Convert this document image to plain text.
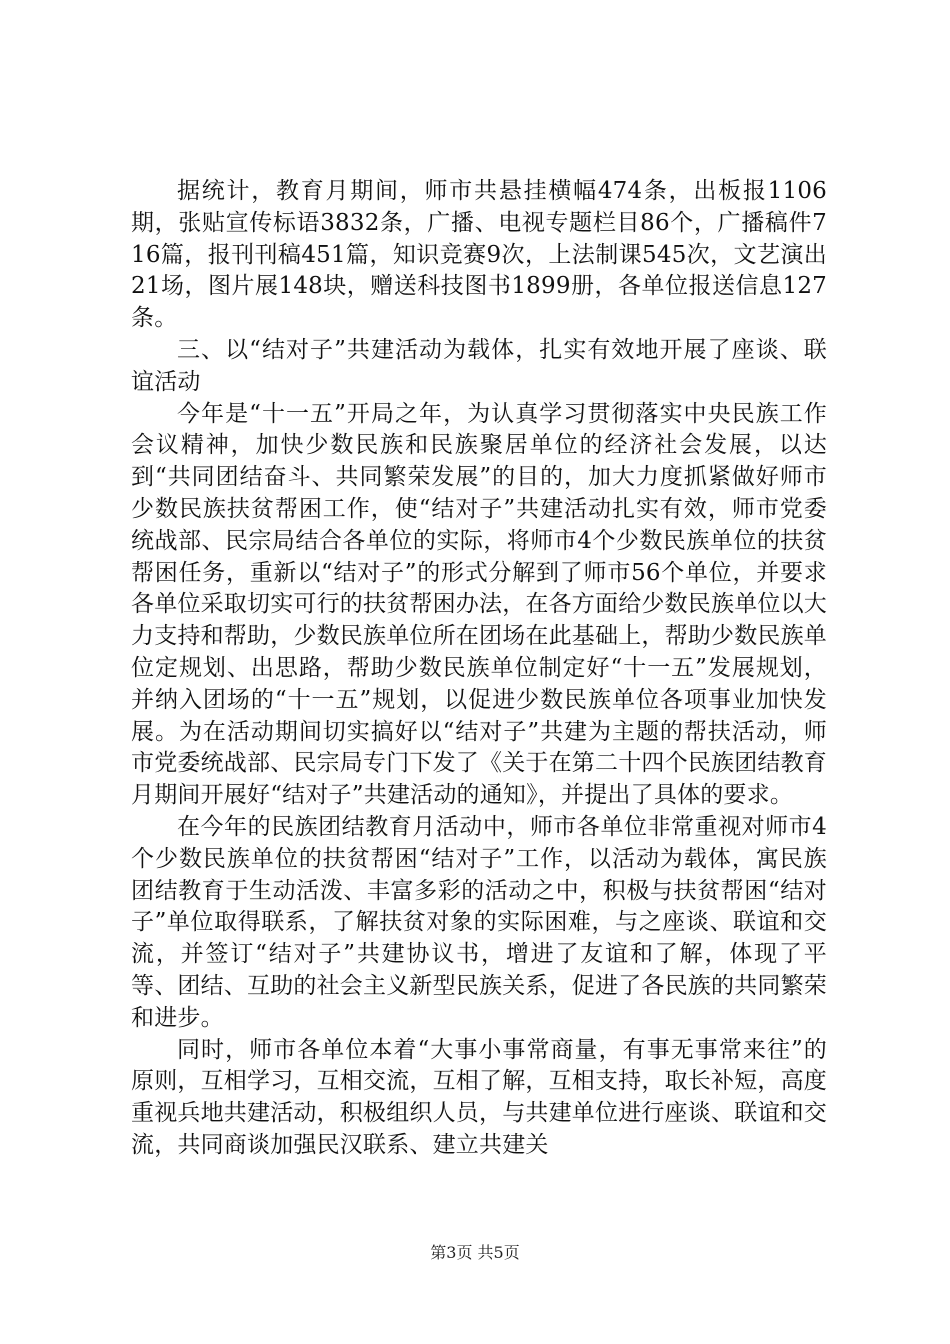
据统计，教育月期间，师市共悬挂横幅474条，出板报1106期，张贴宣传标语3832条，广播、电视专题栏目86个，广播稿件716篇，报刊刊稿451篇，知识竞赛9次，上法制课545次，文艺演出21场，图片展148块，赠送科技图书1899册，各单位报送信息127条。

三、以“结对子”共建活动为载体，扎实有效地开展了座谈、联谊活动

今年是“十一五”开局之年，为认真学习贯彻落实中央民族工作会议精神，加快少数民族和民族聚居单位的经济社会发展，以达到“共同团结奋斗、共同繁荣发展”的目的，加大力度抓紧做好师市少数民族扶贫帮困工作，使“结对子”共建活动扎实有效，师市党委统战部、民宗局结合各单位的实际，将师市4个少数民族单位的扶贫帮困任务，重新以“结对子”的形式分解到了师市56个单位，并要求各单位采取切实可行的扶贫帮困办法，在各方面给少数民族单位以大力支持和帮助，少数民族单位所在团场在此基础上，帮助少数民族单位定规划、出思路，帮助少数民族单位制定好“十一五”发展规划，并纳入团场的“十一五”规划，以促进少数民族单位各项事业加快发展。为在活动期间切实搞好以“结对子”共建为主题的帮扶活动，师市党委统战部、民宗局专门下发了《关于在第二十四个民族团结教育月期间开展好“结对子”共建活动的通知》，并提出了具体的要求。

在今年的民族团结教育月活动中，师市各单位非常重视对师市4个少数民族单位的扶贫帮困“结对子”工作，以活动为载体，寓民族团结教育于生动活泼、丰富多彩的活动之中，积极与扶贫帮困“结对子”单位取得联系，了解扶贫对象的实际困难，与之座谈、联谊和交流，并签订“结对子”共建协议书，增进了友谊和了解，体现了平等、团结、互助的社会主义新型民族关系，促进了各民族的共同繁荣和进步。

同时，师市各单位本着“大事小事常商量，有事无事常来往”的原则，互相学习，互相交流，互相了解，互相支持，取长补短，高度重视兵地共建活动，积极组织人员，与共建单位进行座谈、联谊和交流，共同商谈加强民汉联系、建立共建关

第3页 共5页
